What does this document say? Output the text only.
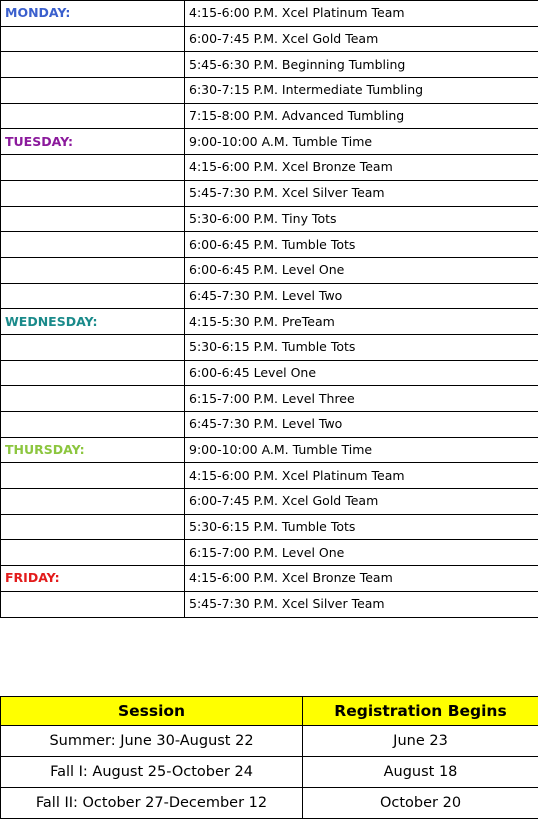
MONDAY:	4:15-6:00 P.M. Xcel Platinum Team
	6:00-7:45 P.M. Xcel Gold Team
	5:45-6:30 P.M. Beginning Tumbling
	6:30-7:15 P.M. Intermediate Tumbling
	7:15-8:00 P.M. Advanced Tumbling
TUESDAY:	9:00-10:00 A.M. Tumble Time
	4:15-6:00 P.M. Xcel Bronze Team
	5:45-7:30 P.M. Xcel Silver Team
	5:30-6:00 P.M. Tiny Tots
	6:00-6:45 P.M. Tumble Tots
	6:00-6:45 P.M. Level One
	6:45-7:30 P.M. Level Two
WEDNESDAY:	4:15-5:30 P.M. PreTeam
	5:30-6:15 P.M. Tumble Tots
	6:00-6:45 Level One
	6:15-7:00 P.M. Level Three
	6:45-7:30 P.M. Level Two
THURSDAY:	9:00-10:00 A.M. Tumble Time
	4:15-6:00 P.M. Xcel Platinum Team
	6:00-7:45 P.M. Xcel Gold Team
	5:30-6:15 P.M. Tumble Tots
	6:15-7:00 P.M. Level One
FRIDAY:	4:15-6:00 P.M. Xcel Bronze Team
	5:45-7:30 P.M. Xcel Silver Team
Session	Registration Begins
Summer: June 30-August 22	June 23
Fall I: August 25-October 24	August 18
Fall II: October 27-December 12	October 20
